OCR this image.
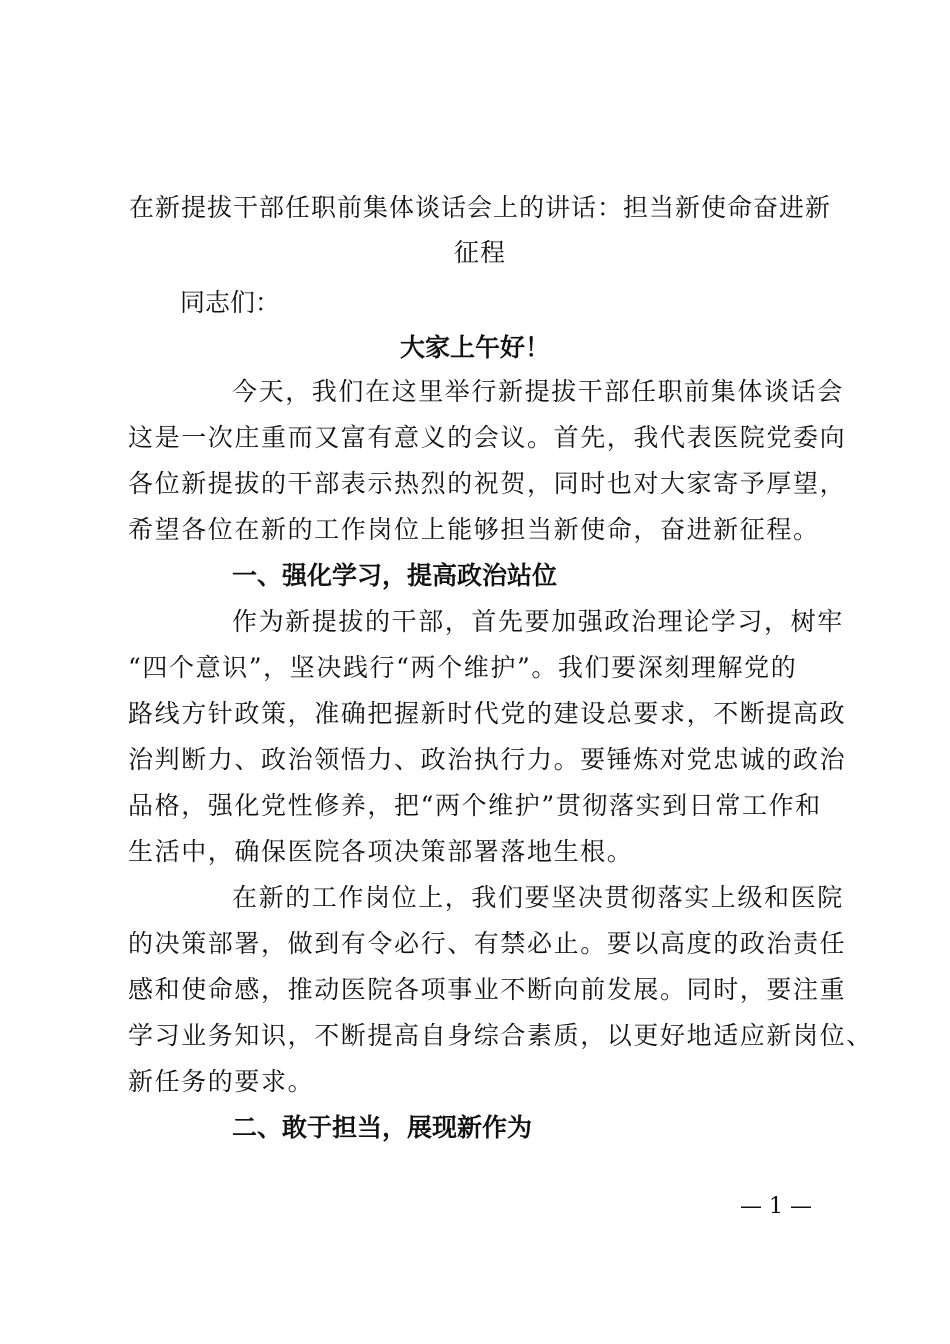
在新提拔干部任职前集体谈话会上的讲话：担当新使命奋进新
征程
同志们：
大家上午好！
今天，我们在这里举行新提拔干部任职前集体谈话会
这是一次庄重而又富有意义的会议。首先，我代表医院党委向
各位新提拔的干部表示热烈的祝贺，同时也对大家寄予厚望，
希望各位在新的工作岗位上能够担当新使命，奋进新征程。
一、强化学习，提高政治站位
作为新提拔的干部，首先要加强政治理论学习，树牢
“四个意识”，坚决践行“两个维护”。我们要深刻理解党的
路线方针政策，准确把握新时代党的建设总要求，不断提高政
治判断力、政治领悟力、政治执行力。要锤炼对党忠诚的政治
品格，强化党性修养，把“两个维护”贯彻落实到日常工作和
生活中，确保医院各项决策部署落地生根。
在新的工作岗位上，我们要坚决贯彻落实上级和医院
的决策部署，做到有令必行、有禁必止。要以高度的政治责任
感和使命感，推动医院各项事业不断向前发展。同时，要注重
学习业务知识，不断提高自身综合素质，以更好地适应新岗位、
新任务的要求。
二、敢于担当，展现新作为
— 1 —
